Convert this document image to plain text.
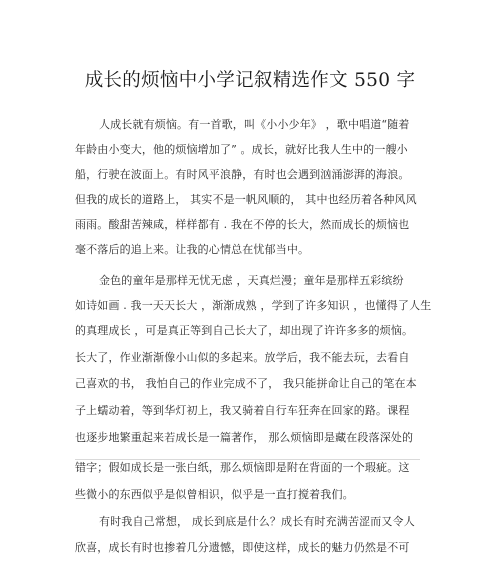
成长的烦恼中小学记叙精选作文 550 字
人成长就有烦恼。有一首歌，叫《小小少年》 ，歌中唱道“随着
年龄由小变大，他的烦恼增加了” 。成长，就好比我人生中的一艘小
船，行驶在波面上。有时风平浪静，有时也会遇到汹涌澎湃的海浪。
但我的成长的道路上， 其实不是一帆风顺的， 其中也经历着各种风风
雨雨。酸甜苦辣咸，样样都有 . 我在不停的长大，然而成长的烦恼也
毫不落后的追上来。让我的心情总在忧郁当中。
金色的童年是那样无忧无虑 ，天真烂漫；童年是那样五彩缤纷
如诗如画 . 我一天天长大 ，渐渐成熟 ，学到了许多知识 ，也懂得了人生
的真理成长 ，可是真正等到自己长大了，却出现了许许多多的烦恼。
长大了，作业渐渐像小山似的多起来。放学后，我不能去玩，去看自
己喜欢的书， 我怕自己的作业完成不了， 我只能拼命让自己的笔在本
子上蠕动着，等到华灯初上，我又骑着自行车狂奔在回家的路。课程
也逐步地繁重起来若成长是一篇著作， 那么烦恼即是藏在段落深处的
错字；假如成长是一张白纸，那么烦恼即是附在背面的一个瑕疵。这
些微小的东西似乎是似曾相识，似乎是一直打搅着我们。
有时我自己常想， 成长到底是什么？成长有时充满苦涩而又令人
欣喜，成长有时也掺着几分遗憾，即使这样，成长的魅力仍然是不可
